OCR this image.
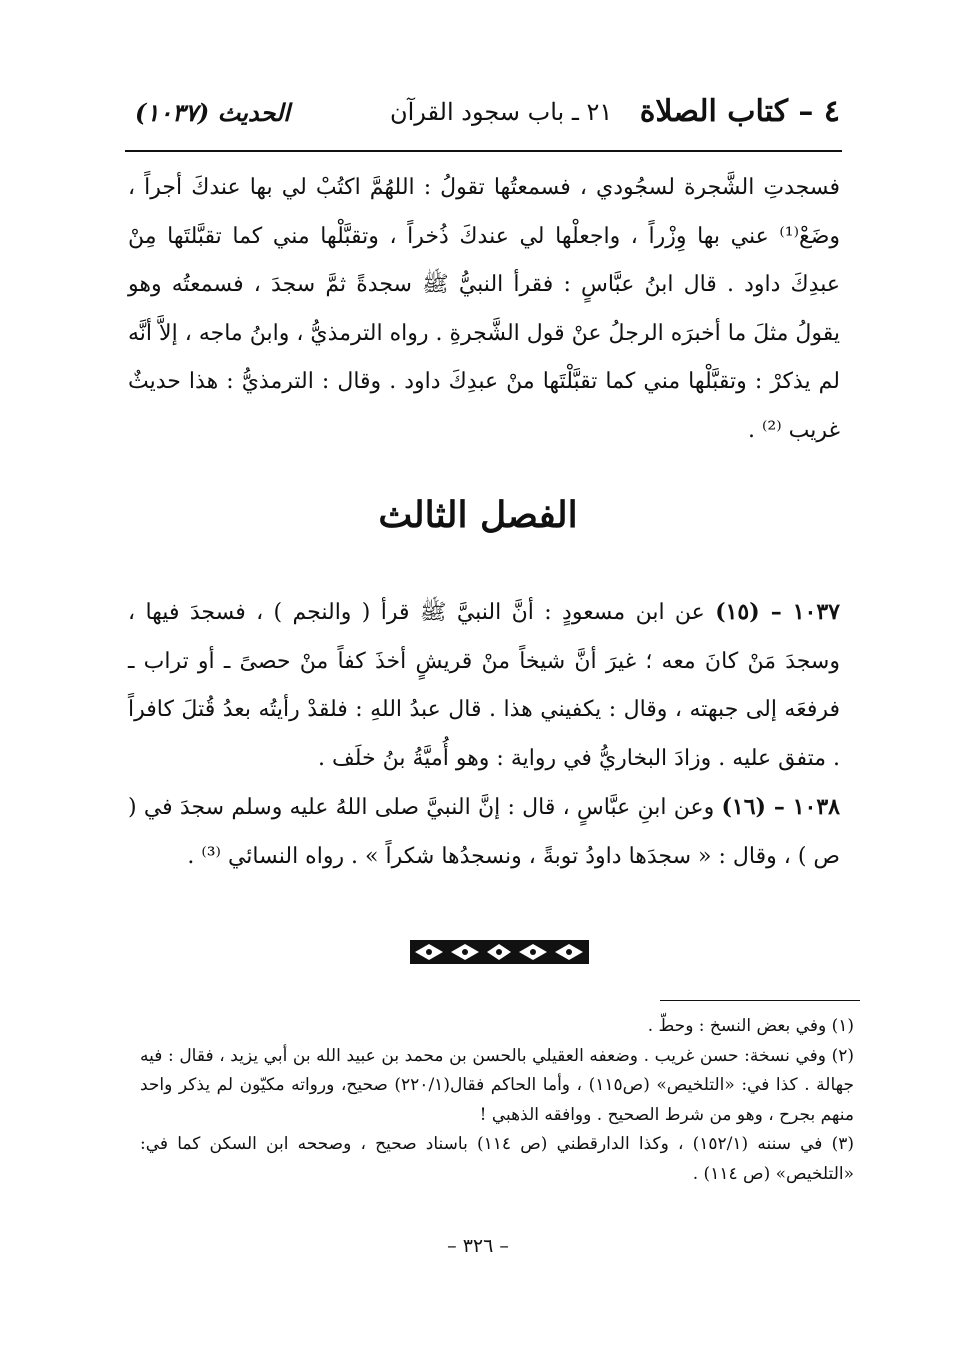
٤ – كتاب الصلاة
٢١ ـ باب سجود القرآن
الحديث (١٠٣٧)

فسجدتِ الشَّجرة لسجُودي ، فسمعتُها تقولُ : اللهُمَّ اكتُبْ لي بها عندكَ أجراً ، وضَعْ⁽¹⁾ عني بها وِزْراً ، واجعلْها لي عندكَ ذُخراً ، وتقبَّلْها مني كما تقبَّلتَها مِنْ عبدِكَ داود . قال ابنُ عبَّاسٍ : فقرأ النبيُّ ﷺ سجدةً ثمَّ سجدَ ، فسمعتُه وهو يقولُ مثلَ ما أخبرَه الرجلُ عنْ قول الشَّجرةِ . رواه الترمذيُّ ، وابنُ ماجه ، إلاَّ أنَّه لم يذكرْ : وتقبَّلْها مني كما تقبَّلْتَها منْ عبدِكَ داود . وقال : الترمذيُّ : هذا حديثٌ غريب ⁽²⁾ .

الفصل الثالث

١٠٣٧ – (١٥) عن ابن مسعودٍ : أنَّ النبيَّ ﷺ قرأ ( والنجم ) ، فسجدَ فيها ، وسجدَ مَنْ كانَ معه ؛ غيرَ أنَّ شيخاً منْ قريشٍ أخذَ كفاً منْ حصىً ـ أو تراب ـ فرفعَه إلى جبهته ، وقال : يكفيني هذا . قال عبدُ اللهِ : فلقدْ رأيتُه بعدُ قُتلَ كافراً . متفق عليه . وزادَ البخاريُّ في رواية : وهو أُميَّةُ بنُ خلَف .

١٠٣٨ – (١٦) وعن ابنِ عبَّاسٍ ، قال : إنَّ النبيَّ صلى اللهُ عليه وسلم سجدَ في ( ص ) ، وقال : « سجدَها داودُ توبةً ، ونسجدُها شكراً » . رواه النسائي ⁽³⁾ .

(١) وفي بعض النسخ : وحطّ .

(٢) وفي نسخة: حسن غريب . وضعفه العقيلي بالحسن بن محمد بن عبيد الله بن أبي يزيد ، فقال : فيه جهالة . كذا في: «التلخيص» (ص١١٥) ، وأما الحاكم فقال(٢٢٠/١) صحيح، ورواته مكيّون لم يذكر واحد منهم بجرح ، وهو من شرط الصحيح . ووافقه الذهبي !

(٣) في سننه (١٥٢/١) ، وكذا الدارقطني (ص ١١٤) باسناد صحيح ، وصححه ابن السكن كما في: «التلخيص» (ص ١١٤) .

– ٣٢٦ –
